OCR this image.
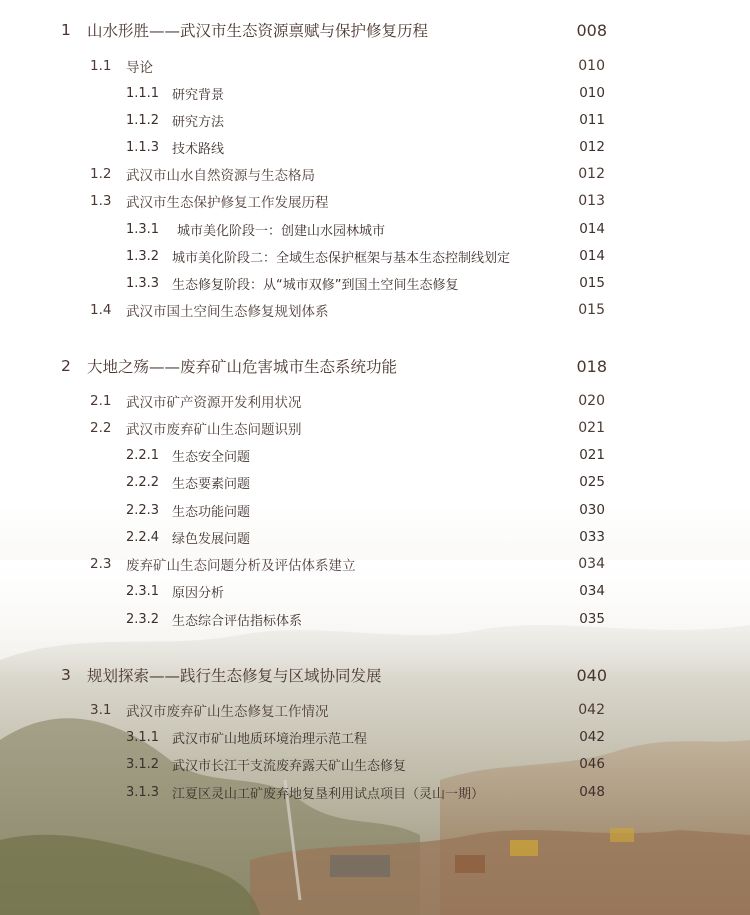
1 山水形胜——武汉市生态资源禀赋与保护修复历程	008
1.1 导论	010
1.1.1 研究背景	010
1.1.2 研究方法	011
1.1.3 技术路线	012
1.2 武汉市山水自然资源与生态格局	012
1.3 武汉市生态保护修复工作发展历程	013
1.3.1 城市美化阶段一：创建山水园林城市	014
1.3.2 城市美化阶段二：全域生态保护框架与基本生态控制线划定	014
1.3.3 生态修复阶段：从“城市双修”到国土空间生态修复	015
1.4 武汉市国土空间生态修复规划体系	015
2 大地之殇——废弃矿山危害城市生态系统功能	018
2.1 武汉市矿产资源开发利用状况	020
2.2 武汉市废弃矿山生态问题识别	021
2.2.1 生态安全问题	021
2.2.2 生态要素问题	025
2.2.3 生态功能问题	030
2.2.4 绿色发展问题	033
2.3 废弃矿山生态问题分析及评估体系建立	034
2.3.1 原因分析	034
2.3.2 生态综合评估指标体系	035
3 规划探索——践行生态修复与区域协同发展	040
3.1 武汉市废弃矿山生态修复工作情况	042
3.1.1 武汉市矿山地质环境治理示范工程	042
3.1.2 武汉市长江干支流废弃露天矿山生态修复	046
3.1.3 江夏区灵山工矿废弃地复垦利用试点项目（灵山一期）	048
